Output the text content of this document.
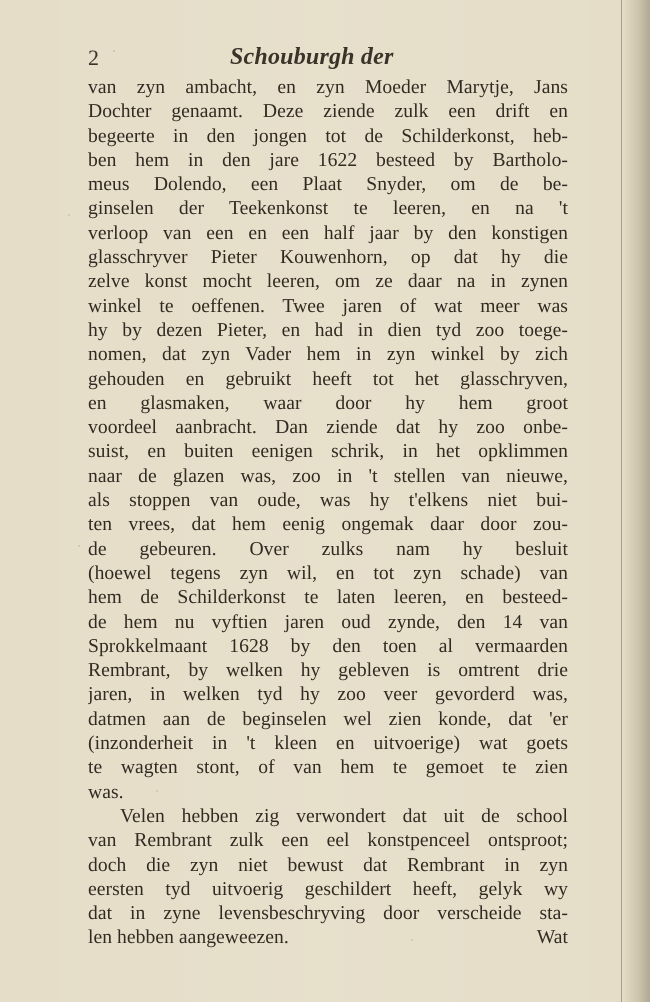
2	Schouburgh der
van zyn ambacht, en zyn Moeder Marytje, Jans
Dochter genaamt. Deze ziende zulk een drift en
begeerte in den jongen tot de Schilderkonst, heb-
ben hem in den jare 1622 besteed by Bartholo-
meus Dolendo, een Plaat Snyder, om de be-
ginselen der Teekenkonst te leeren, en na 't
verloop van een en een half jaar by den konstigen
glasschryver Pieter Kouwenhorn, op dat hy die
zelve konst mocht leeren, om ze daar na in zynen
winkel te oeffenen. Twee jaren of wat meer was
hy by dezen Pieter, en had in dien tyd zoo toege-
nomen, dat zyn Vader hem in zyn winkel by zich
gehouden en gebruikt heeft tot het glasschryven,
en glasmaken, waar door hy hem groot
voordeel aanbracht. Dan ziende dat hy zoo onbe-
suist, en buiten eenigen schrik, in het opklimmen
naar de glazen was, zoo in 't stellen van nieuwe,
als stoppen van oude, was hy t'elkens niet bui-
ten vrees, dat hem eenig ongemak daar door zou-
de gebeuren. Over zulks nam hy besluit
(hoewel tegens zyn wil, en tot zyn schade) van
hem de Schilderkonst te laten leeren, en besteed-
de hem nu vyftien jaren oud zynde, den 14 van
Sprokkelmaant 1628 by den toen al vermaarden
Rembrant, by welken hy gebleven is omtrent drie
jaren, in welken tyd hy zoo veer gevorderd was,
datmen aan de beginselen wel zien konde, dat 'er
(inzonderheit in 't kleen en uitvoerige) wat goets
te wagten stont, of van hem te gemoet te zien
was.
Velen hebben zig verwondert dat uit de school
van Rembrant zulk een eel konstpenceel ontsproot;
doch die zyn niet bewust dat Rembrant in zyn
eersten tyd uitvoerig geschildert heeft, gelyk wy
dat in zyne levensbeschryving door verscheide sta-
len hebben aangeweezen.	Wat
